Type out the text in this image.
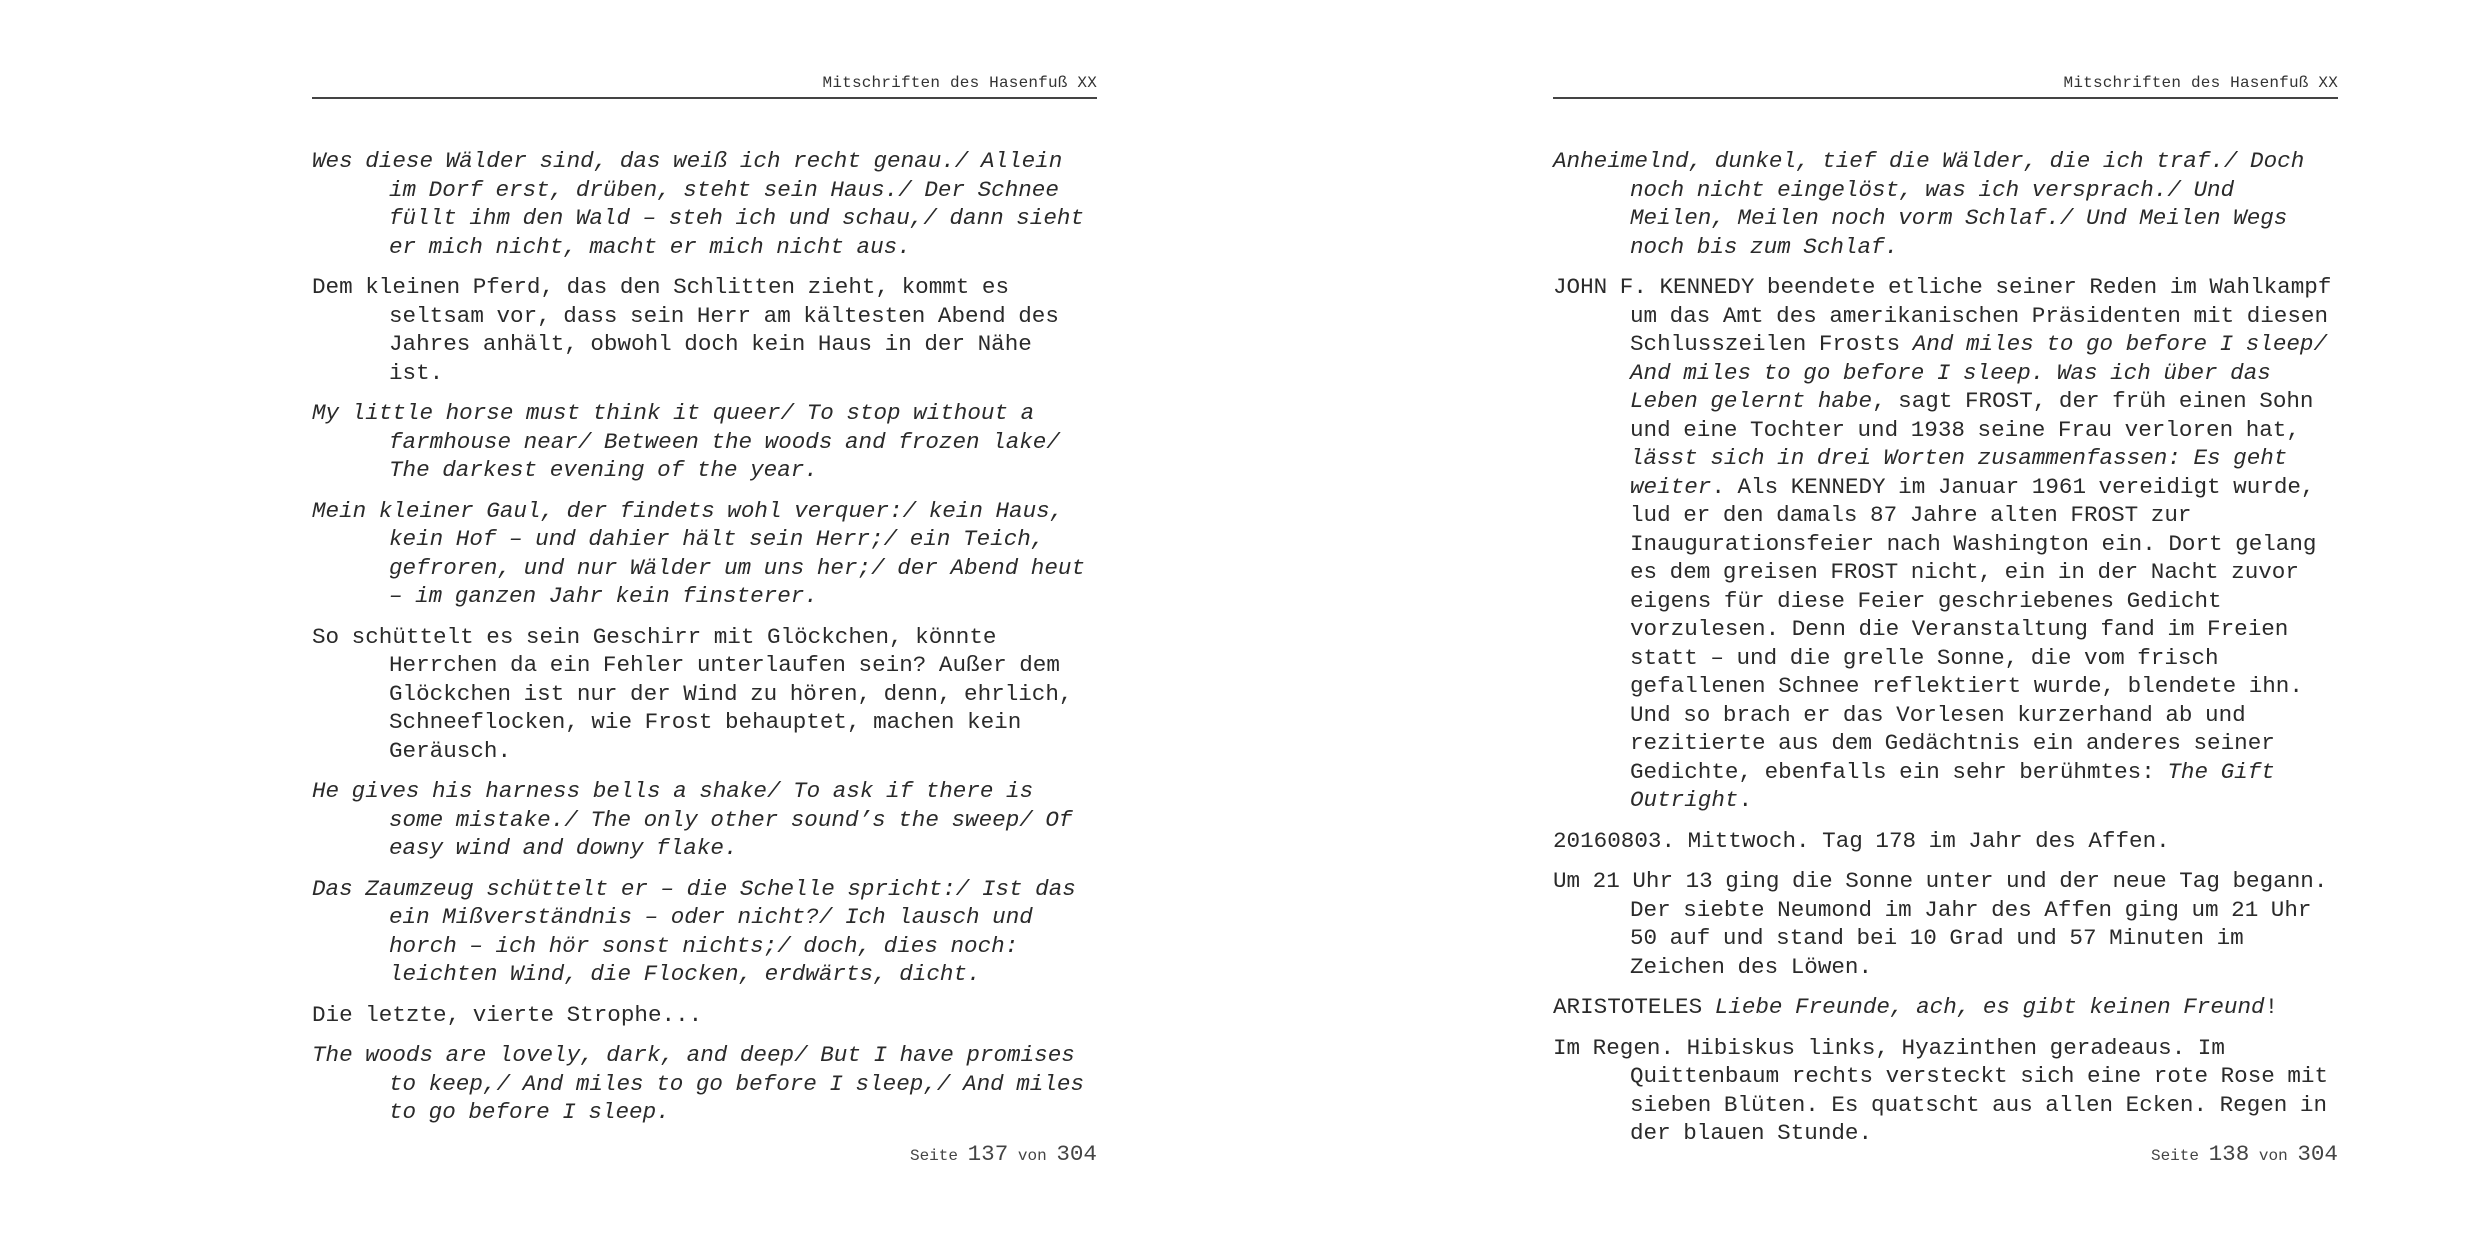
Mitschriften des Hasenfuß XX

Wes diese Wälder sind, das weiß ich recht genau./ Allein im Dorf erst, drüben, steht sein Haus./ Der Schnee füllt ihm den Wald – steh ich und schau,/ dann sieht er mich nicht, macht er mich nicht aus.

Dem kleinen Pferd, das den Schlitten zieht, kommt es seltsam vor, dass sein Herr am kältesten Abend des Jahres anhält, obwohl doch kein Haus in der Nähe ist.

My little horse must think it queer/ To stop without a farmhouse near/ Between the woods and frozen lake/ The darkest evening of the year.

Mein kleiner Gaul, der findets wohl verquer:/ kein Haus, kein Hof – und dahier hält sein Herr;/ ein Teich, gefroren, und nur Wälder um uns her;/ der Abend heut – im ganzen Jahr kein finsterer.

So schüttelt es sein Geschirr mit Glöckchen, könnte Herrchen da ein Fehler unterlaufen sein? Außer dem Glöckchen ist nur der Wind zu hören, denn, ehrlich, Schneeflocken, wie Frost behauptet, machen kein Geräusch.

He gives his harness bells a shake/ To ask if there is some mistake./ The only other sound’s the sweep/ Of easy wind and downy flake.

Das Zaumzeug schüttelt er – die Schelle spricht:/ Ist das ein Mißverständnis – oder nicht?/ Ich lausch und horch – ich hör sonst nichts;/ doch, dies noch: leichten Wind, die Flocken, erdwärts, dicht.

Die letzte, vierte Strophe...

The woods are lovely, dark, and deep/ But I have promises to keep,/ And miles to go before I sleep,/ And miles to go before I sleep.

Seite 137 von 304
Mitschriften des Hasenfuß XX

Anheimelnd, dunkel, tief die Wälder, die ich traf./ Doch noch nicht eingelöst, was ich versprach./ Und Meilen, Meilen noch vorm Schlaf./ Und Meilen Wegs noch bis zum Schlaf.

JOHN F. KENNEDY beendete etliche seiner Reden im Wahlkampf um das Amt des amerikanischen Präsidenten mit diesen Schlusszeilen Frosts And miles to go before I sleep/ And miles to go before I sleep. Was ich über das Leben gelernt habe, sagt FROST, der früh einen Sohn und eine Tochter und 1938 seine Frau verloren hat, lässt sich in drei Worten zusammenfassen: Es geht weiter. Als KENNEDY im Januar 1961 vereidigt wurde, lud er den damals 87 Jahre alten FROST zur Inaugurationsfeier nach Washington ein. Dort gelang es dem greisen FROST nicht, ein in der Nacht zuvor eigens für diese Feier geschriebenes Gedicht vorzulesen. Denn die Veranstaltung fand im Freien statt – und die grelle Sonne, die vom frisch gefallenen Schnee reflektiert wurde, blendete ihn. Und so brach er das Vorlesen kurzerhand ab und rezitierte aus dem Gedächtnis ein anderes seiner Gedichte, ebenfalls ein sehr berühmtes: The Gift Outright.

20160803. Mittwoch. Tag 178 im Jahr des Affen.

Um 21 Uhr 13 ging die Sonne unter und der neue Tag begann. Der siebte Neumond im Jahr des Affen ging um 21 Uhr 50 auf und stand bei 10 Grad und 57 Minuten im Zeichen des Löwen.

ARISTOTELES Liebe Freunde, ach, es gibt keinen Freund!

Im Regen. Hibiskus links, Hyazinthen geradeaus. Im Quittenbaum rechts versteckt sich eine rote Rose mit sieben Blüten. Es quatscht aus allen Ecken. Regen in der blauen Stunde.

Seite 138 von 304
